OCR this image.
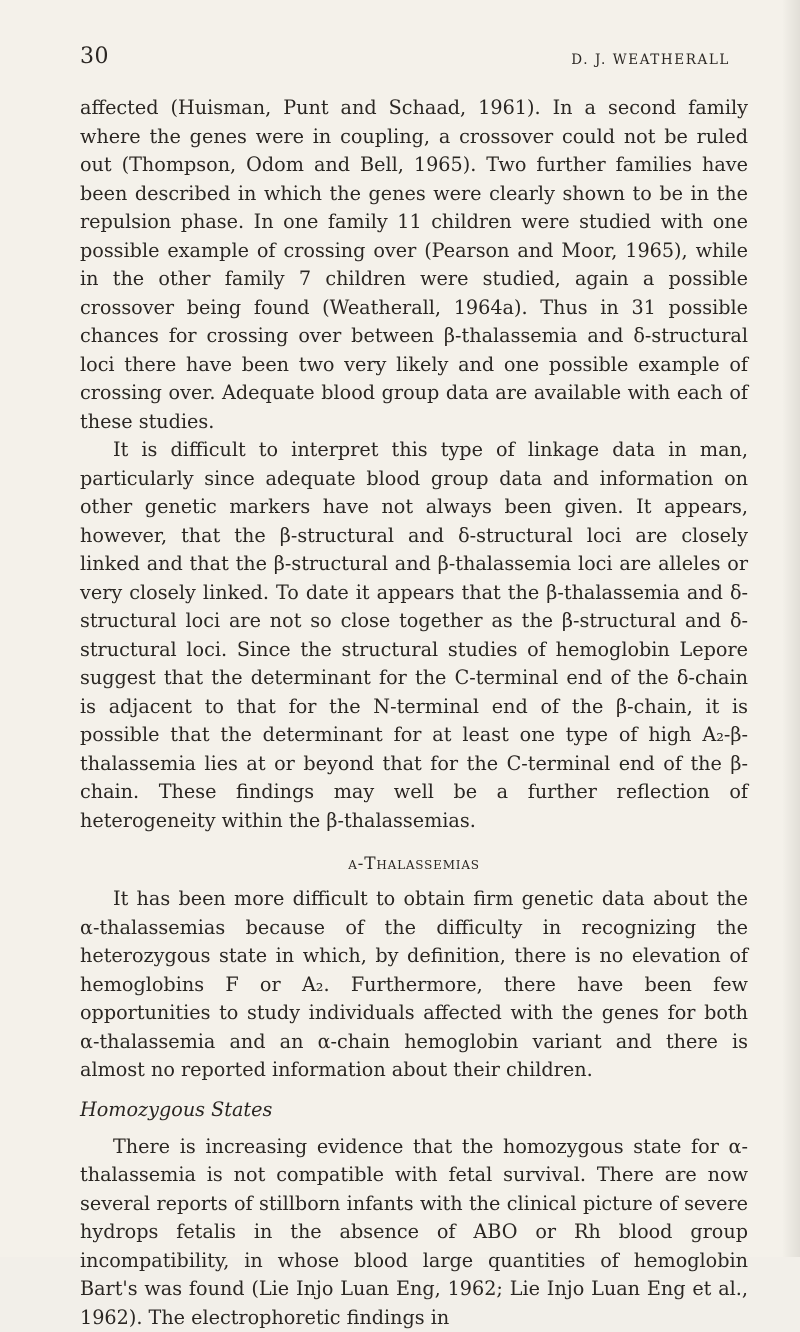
30	D. J. WEATHERALL

affected (Huisman, Punt and Schaad, 1961). In a second family where the genes were in coupling, a crossover could not be ruled out (Thompson, Odom and Bell, 1965). Two further families have been described in which the genes were clearly shown to be in the repulsion phase. In one family 11 children were studied with one possible example of crossing over (Pearson and Moor, 1965), while in the other family 7 children were studied, again a possible crossover being found (Weatherall, 1964a). Thus in 31 possible chances for crossing over between β-thalassemia and δ-structural loci there have been two very likely and one possible example of crossing over. Adequate blood group data are available with each of these studies.

It is difficult to interpret this type of linkage data in man, particularly since adequate blood group data and information on other genetic markers have not always been given. It appears, however, that the β-structural and δ-structural loci are closely linked and that the β-structural and β-thalassemia loci are alleles or very closely linked. To date it appears that the β-thalassemia and δ-structural loci are not so close together as the β-structural and δ-structural loci. Since the structural studies of hemoglobin Lepore suggest that the determinant for the C-terminal end of the δ-chain is adjacent to that for the N-terminal end of the β-chain, it is possible that the determinant for at least one type of high A₂-β-thalassemia lies at or beyond that for the C-terminal end of the β-chain. These findings may well be a further reflection of heterogeneity within the β-thalassemias.

α-Thalassemias

It has been more difficult to obtain firm genetic data about the α-thalassemias because of the difficulty in recognizing the heterozygous state in which, by definition, there is no elevation of hemoglobins F or A₂. Furthermore, there have been few opportunities to study individuals affected with the genes for both α-thalassemia and an α-chain hemoglobin variant and there is almost no reported information about their children.

Homozygous States

There is increasing evidence that the homozygous state for α-thalassemia is not compatible with fetal survival. There are now several reports of stillborn infants with the clinical picture of severe hydrops fetalis in the absence of ABO or Rh blood group incompatibility, in whose blood large quantities of hemoglobin Bart's was found (Lie Injo Luan Eng, 1962; Lie Injo Luan Eng et al., 1962). The electrophoretic findings in
